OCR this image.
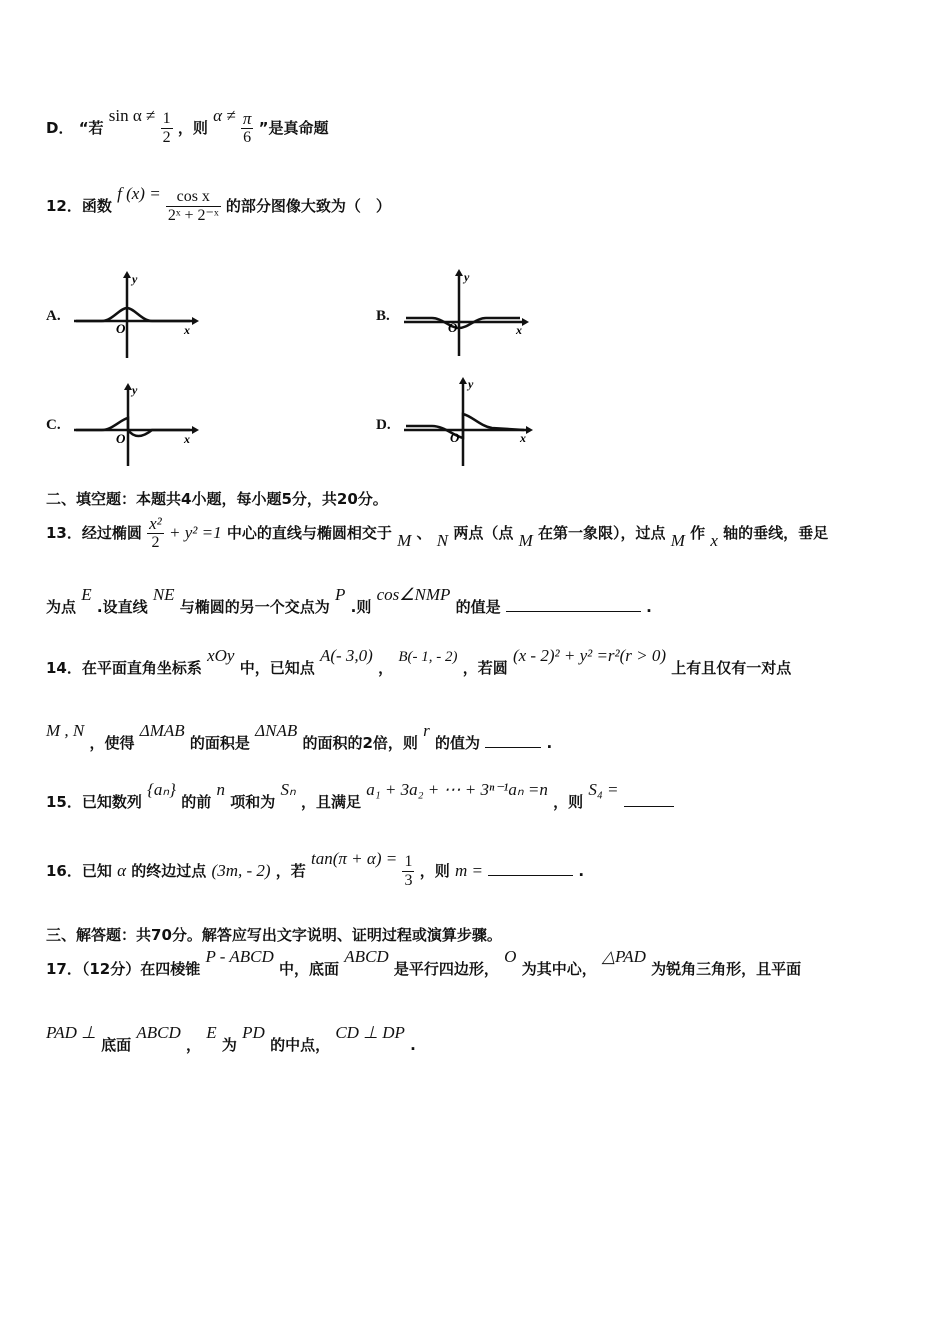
D． “若 $\sin \alpha \ne \frac{1}{2}$ ，则 $\alpha \ne \frac{\pi}{6}$ ”是真命题
12．函数 f $(x) = \frac{\text{cos x}}{\text{2ˣ + 2⁻ˣ}}$ 的部分图像大致为（　）
A.	B.
C.	D.
y
x
O
y
x
O
y
x
O
y
x
O
二、填空题：本题共4小题，每小题5分，共20分。
13．经过椭圆 $\frac{\text{x²}}{2} + y^2 =1$ 中心的直线与椭圆相交于 M 、 N 两点（点 M 在第一象限），过点 M 作 x 轴的垂线，垂足
为点 E .设直线 NE 与椭圆的另一个交点为 P .则 cos∠NMP 的值是	.
14．在平面直角坐标系 xOy 中，已知点 A(- 3,0) ， B(- 1, - 2) ，若圆 (x - 2)² + y² =r²(r > 0) 上有且仅有一对点
M , N ，使得 ΔMAB 的面积是 ΔNAB 的面积的2倍，则 r 的值为	.
15．已知数列 {aₙ} 的前 n 项和为 Sₙ ，且满足 a₁ + 3a₂ + ⋯ + 3ⁿ⁻¹aₙ =n ，则 S₄ =
16．已知 α 的终边过点 (3m, - 2) ，若 $\tan(\pi + \alpha) = \frac{1}{3}$ ，则 m =	.
三、解答题：共70分。解答应写出文字说明、证明过程或演算步骤。
17．（12分）在四棱锥 P - ABCD 中，底面 ABCD 是平行四边形， O 为其中心， △PAD 为锐角三角形，且平面
PAD ⊥ 底面 ABCD ， E 为 PD 的中点， CD ⊥ DP .
